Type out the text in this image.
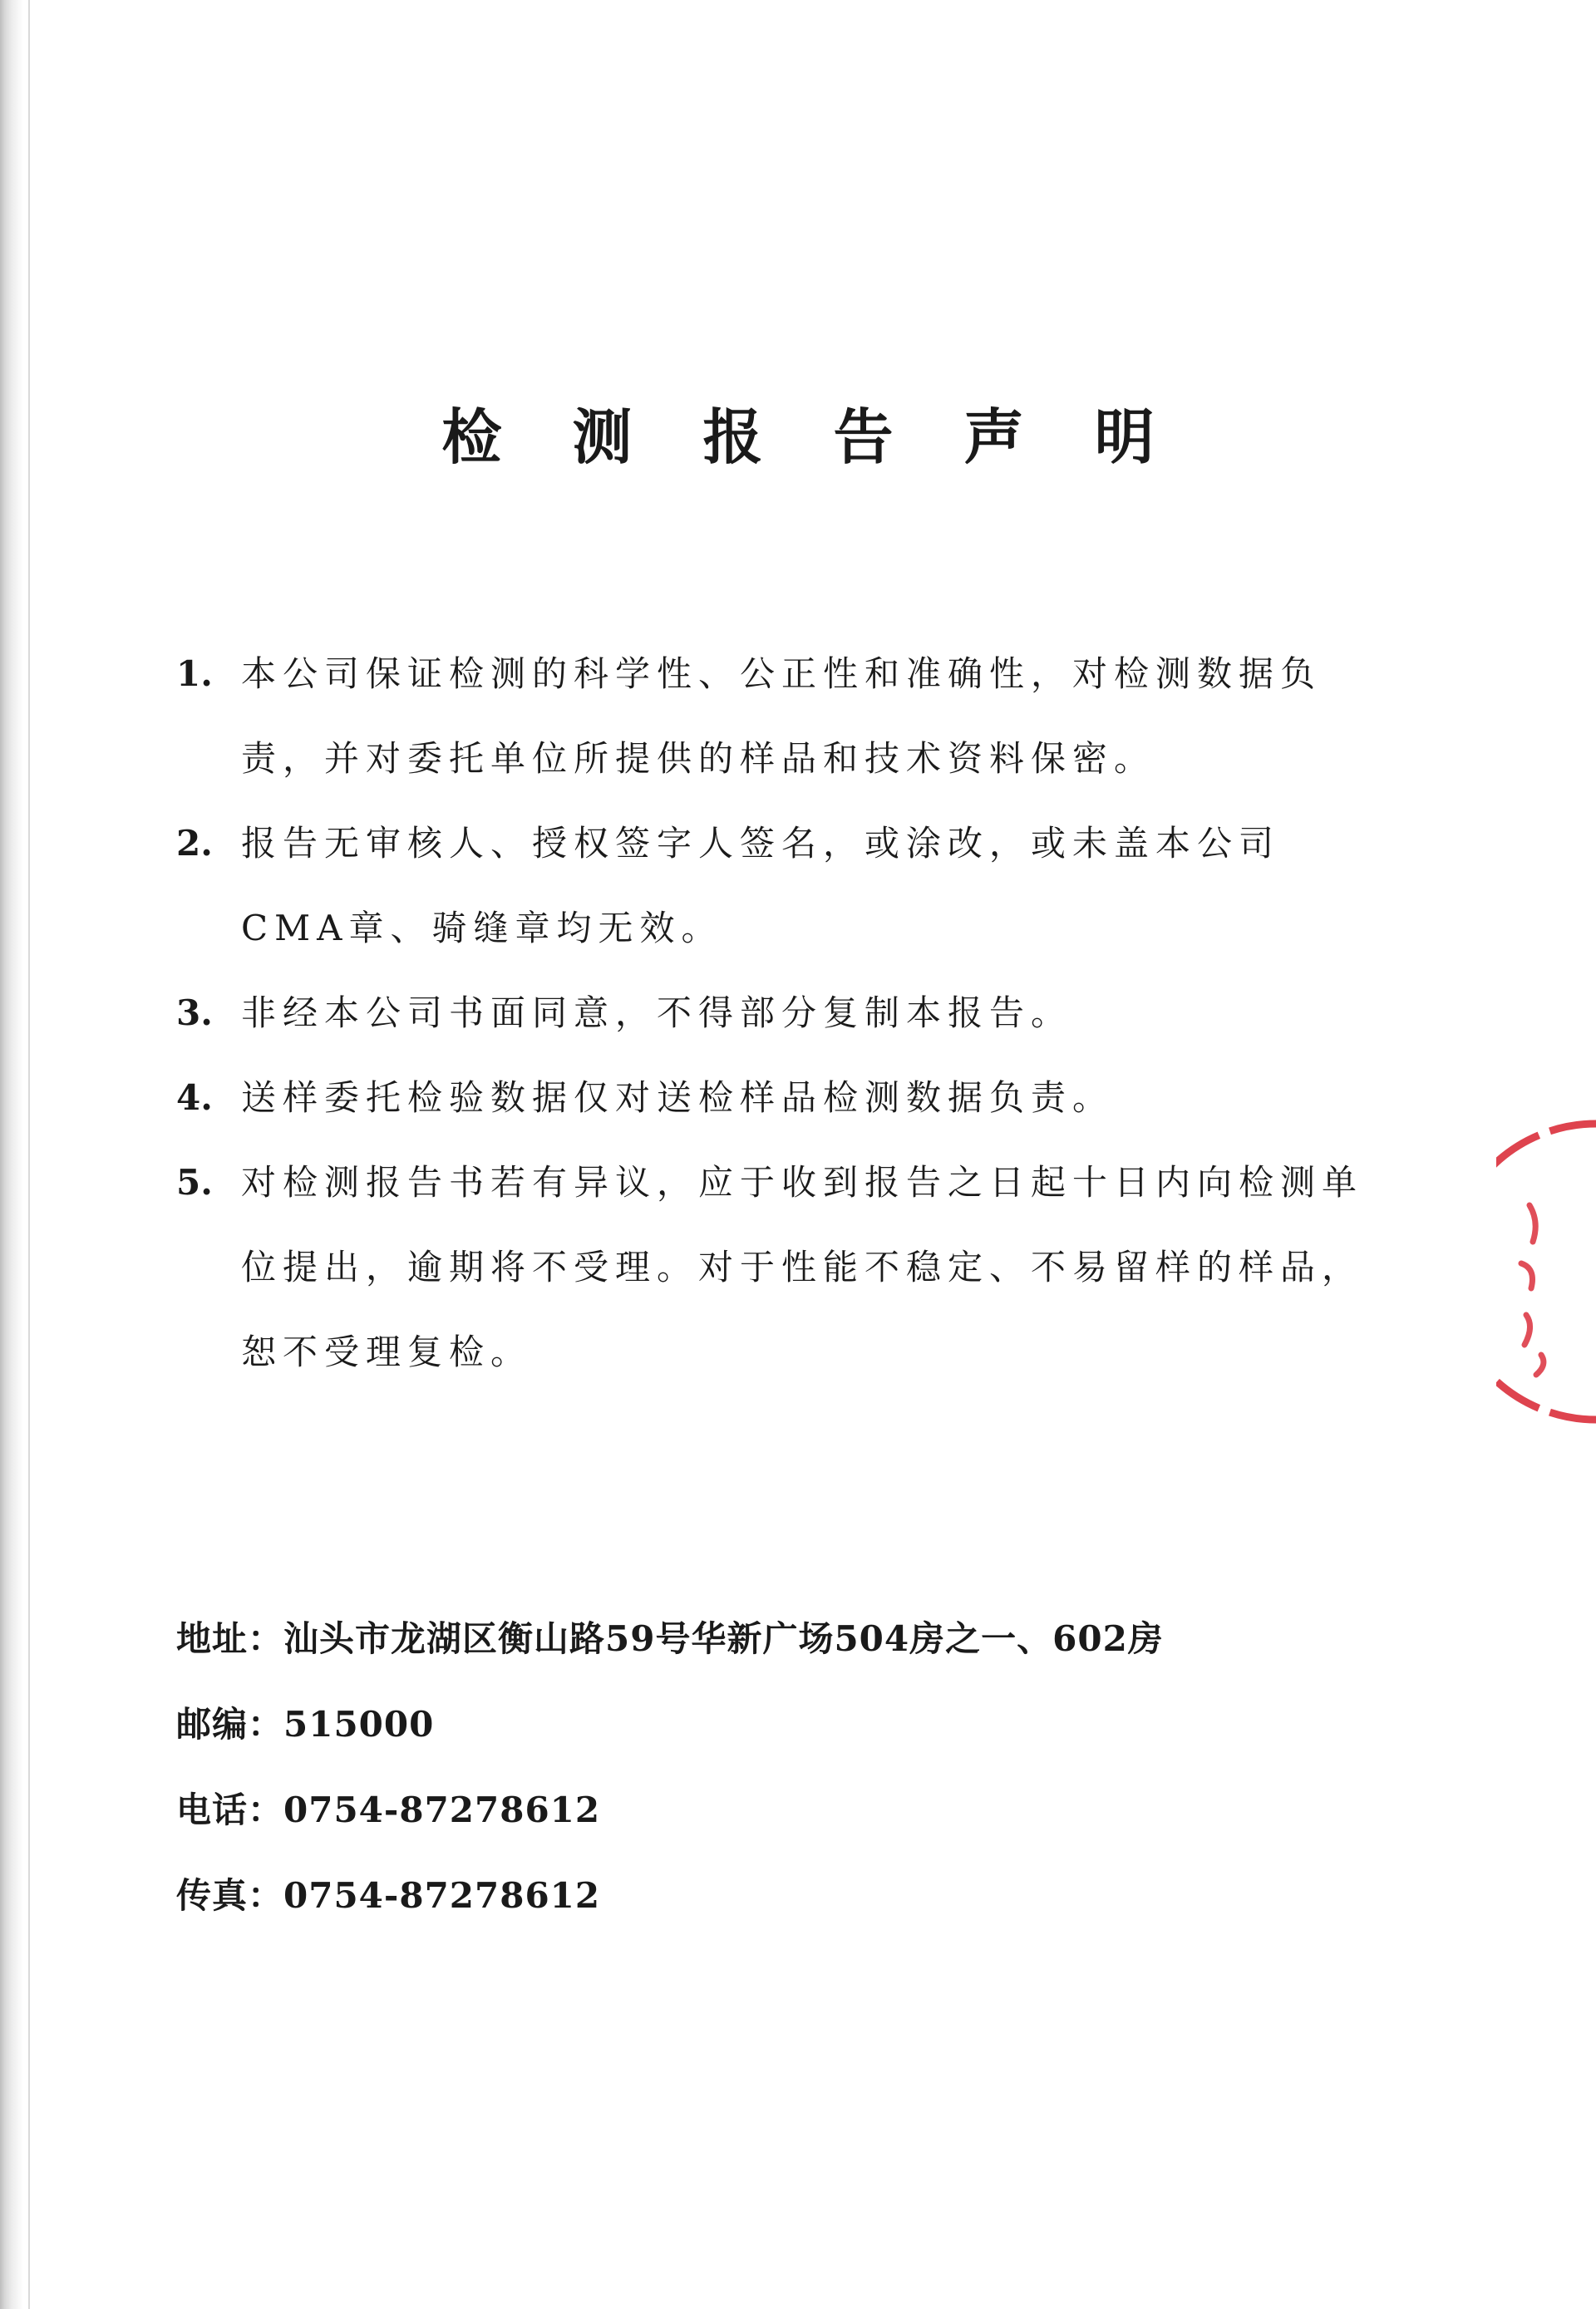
检 测 报 告 声 明
1. 本公司保证检测的科学性、公正性和准确性，对检测数据负责，并对委托单位所提供的样品和技术资料保密。
2. 报告无审核人、授权签字人签名，或涂改，或未盖本公司CMA章、骑缝章均无效。
3. 非经本公司书面同意，不得部分复制本报告。
4. 送样委托检验数据仅对送检样品检测数据负责。
5. 对检测报告书若有异议，应于收到报告之日起十日内向检测单位提出，逾期将不受理。对于性能不稳定、不易留样的样品，恕不受理复检。
地址：汕头市龙湖区衡山路59号华新广场504房之一、602房
邮编：515000
电话：0754-87278612
传真：0754-87278612
